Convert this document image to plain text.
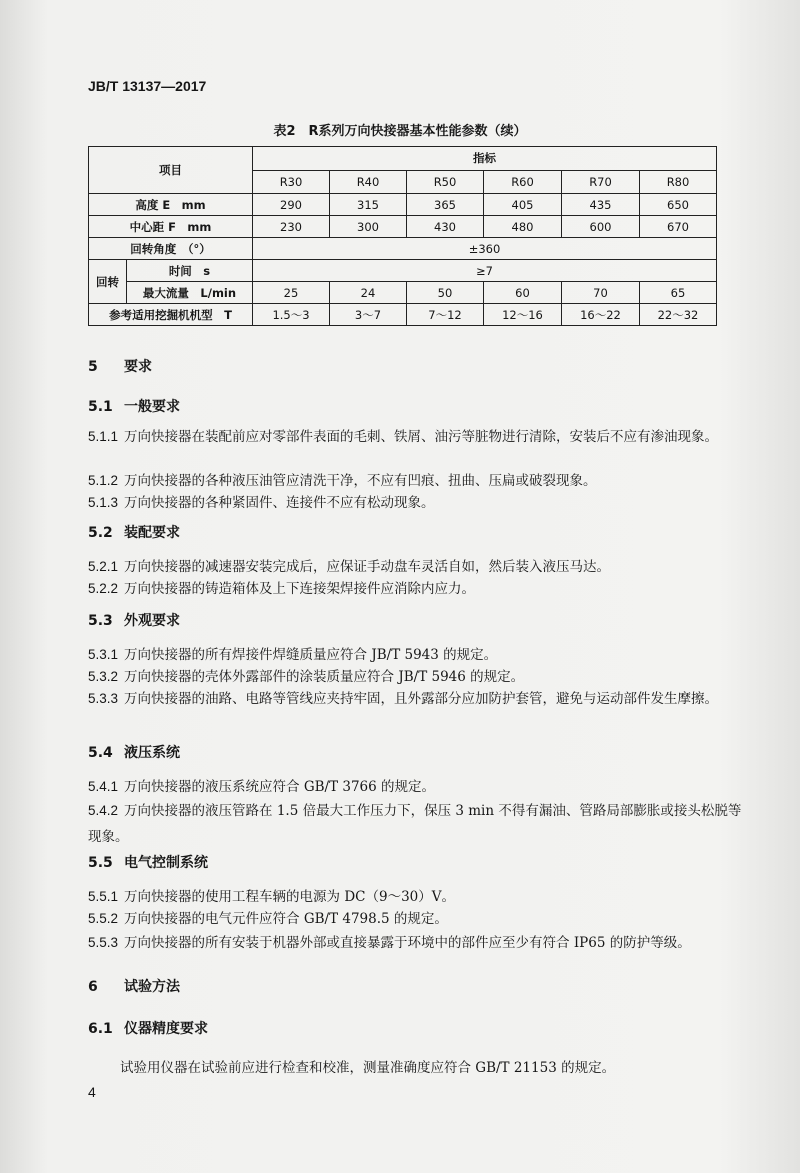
JB/T 13137—2017
表2　R系列万向快接器基本性能参数（续）
项目		指标					
		R30	R40	R50	R60	R70	R80
高度 E　mm		290	315	365	405	435	650
中心距 F　mm		230	300	430	480	600	670
回转角度　（°）		±360					
回转	时间　s	≥7					
	最大流量　L/min	25	24	50	60	70	65
参考适用挖掘机机型　T		1.5～3	3～7	7～12	12～16	16～22	22～32
5 要求
5.1 一般要求
5.1.1 万向快接器在装配前应对零部件表面的毛刺、铁屑、油污等脏物进行清除，安装后不应有渗油现象。
5.1.2 万向快接器的各种液压油管应清洗干净，不应有凹痕、扭曲、压扁或破裂现象。
5.1.3 万向快接器的各种紧固件、连接件不应有松动现象。
5.2 装配要求
5.2.1 万向快接器的减速器安装完成后，应保证手动盘车灵活自如，然后装入液压马达。
5.2.2 万向快接器的铸造箱体及上下连接架焊接件应消除内应力。
5.3 外观要求
5.3.1 万向快接器的所有焊接件焊缝质量应符合 JB/T 5943 的规定。
5.3.2 万向快接器的壳体外露部件的涂装质量应符合 JB/T 5946 的规定。
5.3.3 万向快接器的油路、电路等管线应夹持牢固，且外露部分应加防护套管，避免与运动部件发生摩擦。
5.4 液压系统
5.4.1 万向快接器的液压系统应符合 GB/T 3766 的规定。
5.4.2 万向快接器的液压管路在 1.5 倍最大工作压力下，保压 3 min 不得有漏油、管路局部膨胀或接头松脱等现象。
5.5 电气控制系统
5.5.1 万向快接器的使用工程车辆的电源为 DC（9～30）V。
5.5.2 万向快接器的电气元件应符合 GB/T 4798.5 的规定。
5.5.3 万向快接器的所有安装于机器外部或直接暴露于环境中的部件应至少有符合 IP65 的防护等级。
6 试验方法
6.1 仪器精度要求
试验用仪器在试验前应进行检查和校准，测量准确度应符合 GB/T 21153 的规定。
4
